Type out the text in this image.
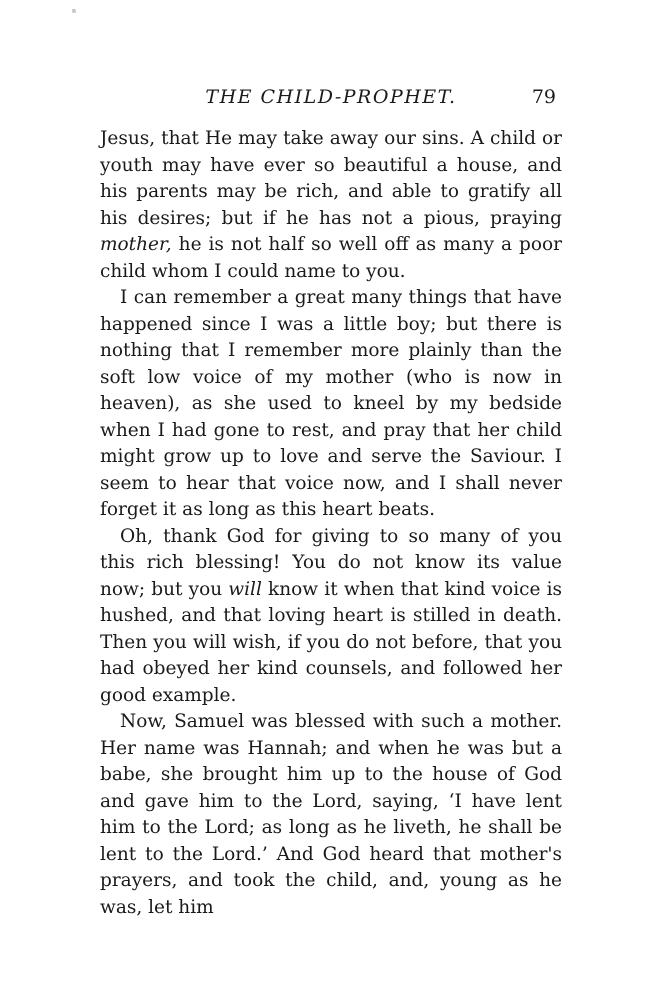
ⁿ
THE CHILD-PROPHET.	79

Jesus, that He may take away our sins. A child or youth may have ever so beautiful a house, and his parents may be rich, and able to gratify all his desires; but if he has not a pious, praying mother, he is not half so well off as many a poor child whom I could name to you.

I can remember a great many things that have happened since I was a little boy; but there is nothing that I remember more plainly than the soft low voice of my mother (who is now in heaven), as she used to kneel by my bedside when I had gone to rest, and pray that her child might grow up to love and serve the Saviour. I seem to hear that voice now, and I shall never forget it as long as this heart beats.

Oh, thank God for giving to so many of you this rich blessing! You do not know its value now; but you will know it when that kind voice is hushed, and that loving heart is stilled in death. Then you will wish, if you do not before, that you had obeyed her kind counsels, and followed her good example.

Now, Samuel was blessed with such a mother. Her name was Hannah; and when he was but a babe, she brought him up to the house of God and gave him to the Lord, saying, ‘I have lent him to the Lord; as long as he liveth, he shall be lent to the Lord.’ And God heard that mother's prayers, and took the child, and, young as he was, let him
